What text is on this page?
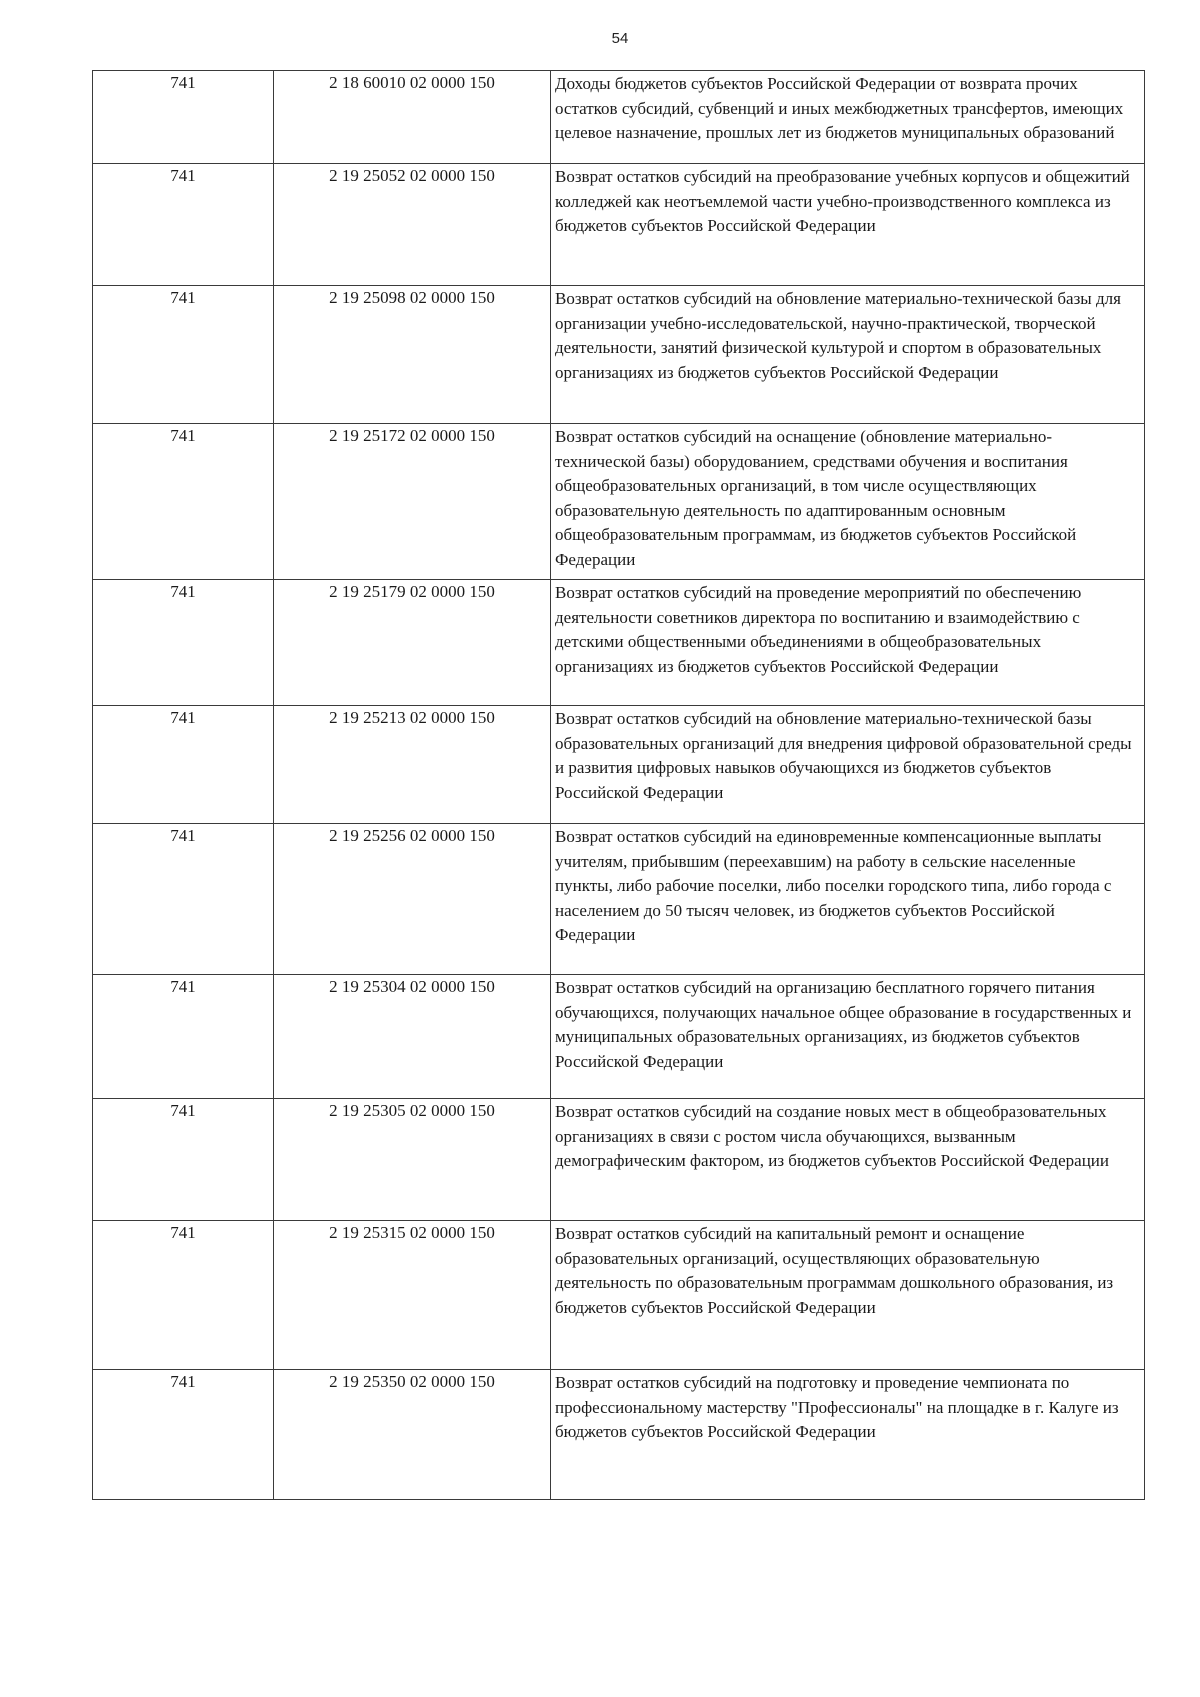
54
741	2 18 60010 02 0000 150	Доходы бюджетов субъектов Российской Федерации от возврата прочих остатков субсидий, субвенций и иных межбюджетных трансфертов, имеющих целевое назначение, прошлых лет из бюджетов муниципальных образований
741	2 19 25052 02 0000 150	Возврат остатков субсидий на преобразование учебных корпусов и общежитий колледжей как неотъемлемой части учебно-производственного комплекса из бюджетов субъектов Российской Федерации
741	2 19 25098 02 0000 150	Возврат остатков субсидий на обновление материально-технической базы для организации учебно-исследовательской, научно-практической, творческой деятельности, занятий физической культурой и спортом в образовательных организациях из бюджетов субъектов Российской Федерации
741	2 19 25172 02 0000 150	Возврат остатков субсидий на оснащение (обновление материально-технической базы) оборудованием, средствами обучения и воспитания общеобразовательных организаций, в том числе осуществляющих образовательную деятельность по адаптированным основным общеобразовательным программам, из бюджетов субъектов Российской Федерации
741	2 19 25179 02 0000 150	Возврат остатков субсидий на проведение мероприятий по обеспечению деятельности советников директора по воспитанию и взаимодействию с детскими общественными объединениями в общеобразовательных организациях из бюджетов субъектов Российской Федерации
741	2 19 25213 02 0000 150	Возврат остатков субсидий на обновление материально-технической базы образовательных организаций для внедрения цифровой образовательной среды и развития цифровых навыков обучающихся из бюджетов субъектов Российской Федерации
741	2 19 25256 02 0000 150	Возврат остатков субсидий на единовременные компенсационные выплаты учителям, прибывшим (переехавшим) на работу в сельские населенные пункты, либо рабочие поселки, либо поселки городского типа, либо города с населением до 50 тысяч человек, из бюджетов субъектов Российской Федерации
741	2 19 25304 02 0000 150	Возврат остатков субсидий на организацию бесплатного горячего питания обучающихся, получающих начальное общее образование в государственных и муниципальных образовательных организациях, из бюджетов субъектов Российской Федерации
741	2 19 25305 02 0000 150	Возврат остатков субсидий на создание новых мест в общеобразовательных организациях в связи с ростом числа обучающихся, вызванным демографическим фактором, из бюджетов субъектов Российской Федерации
741	2 19 25315 02 0000 150	Возврат остатков субсидий на капитальный ремонт и оснащение образовательных организаций, осуществляющих образовательную деятельность по образовательным программам дошкольного образования, из бюджетов субъектов Российской Федерации
741	2 19 25350 02 0000 150	Возврат остатков субсидий на подготовку и проведение чемпионата по профессиональному мастерству "Профессионалы" на площадке в г. Калуге из бюджетов субъектов Российской Федерации
